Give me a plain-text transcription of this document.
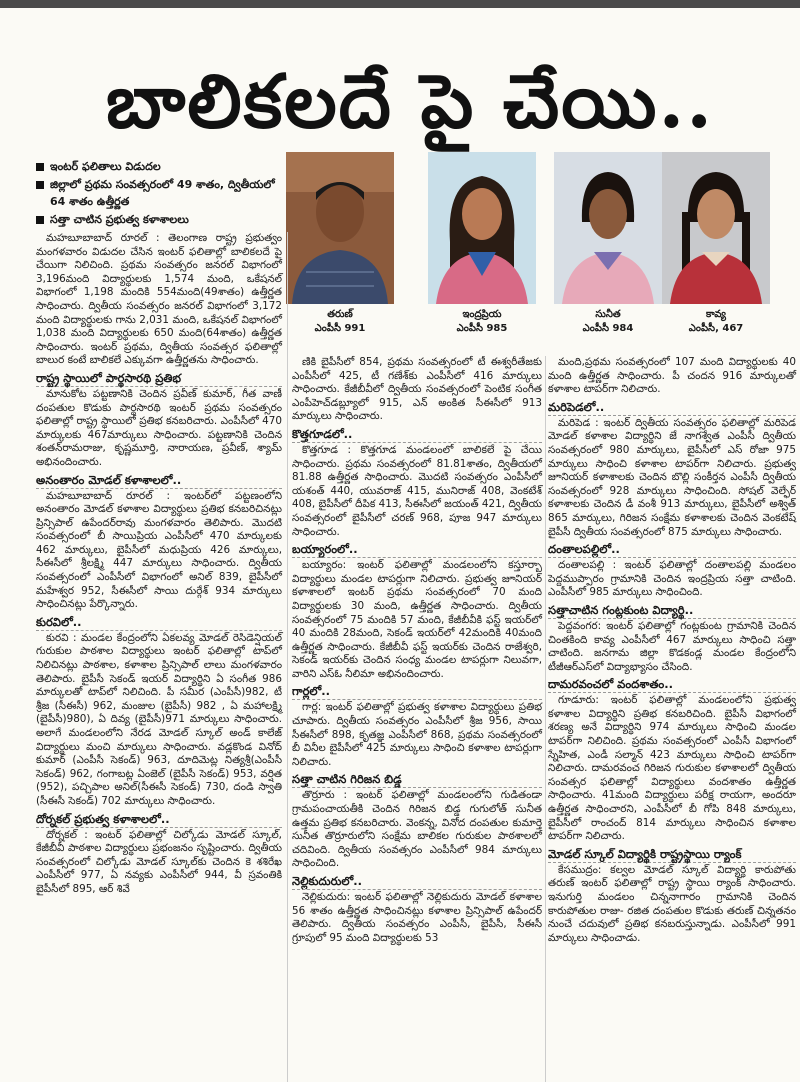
బాలికలదే పై చేయి..
ఇంటర్ ఫలితాలు విడుదల
జిల్లాలో ప్రథమ సంవత్సరంలో 49 శాతం, ద్వితీయలో 64 శాతం ఉత్తీర్ణత
సత్తా చాటిన ప్రభుత్వ కళాశాలలు
తరుణ్
ఎంపీసీ 991
ఇంద్రప్రియ
ఎంపీసీ 985
సునీత
ఎంపీసీ 984
కావ్య
ఎంపీసీ, 467

మహబూబాబాద్ రూరల్ : తెలంగాణ రాష్ట్ర ప్రభుత్వం మంగళవారం విడుదల చేసిన ఇంటర్ ఫలితాల్లో బాలికలదే పై చేయిగా నిలిచింది. ప్రథమ సంవత్సరం జనరల్ విభాగంలో 3,196మంది విద్యార్థులకు 1,574 మంది, ఒకేషనల్ విభాగంలో 1,198 మందికి 554మంది(49శాతం) ఉత్తీర్ణత సాధించారు. ద్వితీయ సంవత్సరం జనరల్ విభాగంలో 3,172 మంది విద్యార్థులకు గాను 2,031 మంది, ఒకేషనల్ విభాగంలో 1,038 మంది విద్యార్థులకు 650 మంది(64శాతం) ఉత్తీర్ణత సాధించారు. ఇంటర్ ప్రథమ, ద్వితీయ సంవత్సర ఫలితాల్లో బాలుర కంటే బాలికలే ఎక్కువగా ఉత్తీర్ణతను సాధించారు.

రాష్ట్ర స్థాయిలో పార్థసారథి ప్రతిభ

మానుకోట పట్టణానికి చెందిన ప్రవీణ్ కుమార్, గీత వాణీ దంపతుల కొడుకు పార్థసారథి ఇంటర్ ప్రథమ సంవత్సరం ఫలితాల్లో రాష్ట్ర స్థాయిలో ప్రతిభ కనబరిచారు. ఎంపీసీలో 470 మార్కులకు 467మార్కులు సాధించారు. పట్టణానికి చెందిన శంతన్‌రామరాజు, కృష్ణమూర్తి, నారాయణ, ప్రవీణ్, శ్యామ్ అభినందించారు.

అనంతారం మోడల్ కళాశాలలో..

మహబూబాబాద్ రూరల్ : ఇంటర్‌లో పట్టణంలోని అనంతారం మోడల్ కళాశాల విద్యార్థులు ప్రతిభ కనబరిచినట్లు ప్రిన్సిపాల్ ఉపేందర్‌రావు మంగళవారం తెలిపారు. మొదటి సంవత్సరంలో బీ సాయిప్రియ ఎంపీసీలో 470 మార్కులకు 462 మార్కులు, బైపీసీలో మధుప్రియ 426 మార్కులు, సీఈసీలో శ్రీలక్ష్మి 447 మార్కులు సాధించారు. ద్వితీయ సంవత్సరంలో ఎంపీసీలో విభాగంలో అనిల్ 839, బైపీసీలో మహేశ్వర 952, సీఈసీలో సాయి దుర్గేశ్ 934 మార్కులు సాధించినట్లు పేర్కొన్నారు.

కురవిలో..

కురవి : మండల కేంద్రంలోని ఏకలవ్య మోడల్ రెసిడెన్షియల్ గురుకుల పాఠశాల విద్యార్థులు ఇంటర్ ఫలితాల్లో టాప్‌లో నిలిచినట్లు పాఠశాల, కళాశాల ప్రిన్సిపాల్ లాలు మంగళవారం తెలిపారు. బైపీసీ సెకండ్ ఇయర్ విద్యార్థిని ఏ సంగీత 986 మార్కులతో టాప్‌లో నిలిచింది. పీ సమీర (ఎంపీసీ)982, టీ శ్రీజ (సీఈసీ) 962, మంజుల (బైపీసీ) 982 , ఏ మహాలక్ష్మి (బైపీసీ)980), ఏ దివ్య (బైపీసీ)971 మార్కులు సాధించారు. అలాగే మండలంలోని నేరడ మోడల్ స్కూల్ అండ్ కాలేజ్ విద్యార్థులు మంచి మార్కులు సాధించారు. వడ్లకొండ వినోద్ కుమార్ (ఎంపీసీ సెకండ్) 963, దూదిమెట్ల నిత్యశ్రీ(ఎంపీసీ సెకండ్) 962, గంగాబట్ల ఏంజెల్ (బైపీసీ సెకండ్) 953, వర్షిత (952), పచ్చిపాల అనిల్(సీఈసీ సెకండ్) 730, దండి స్వాతి (సీఈసీ సెకండ్) 702 మార్కులు సాధించారు.

దోర్నకల్ ప్రభుత్వ కళాశాలలో..

దోర్నకల్ : ఇంటర్ ఫలితాల్లో చిల్కోడు మోడల్ స్కూల్, కేజీబీవీ పాఠశాల విద్యార్థులు ప్రభంజనం సృష్టించారు. ద్వితీయ సంవత్సరంలో చిల్కోడు మోడల్ స్కూల్‌కు చెందిన కె శశిరేఖ ఎంపీసీలో 977, ఏ నవ్యకు ఎంపీసీలో 944, వీ స్రవంతికి బైపీసీలో 895, ఆర్ శివే

ణికి బైపీసీలో 854, ప్రథమ సంవత్సరంలో టీ ఈశ్వరీతేజకు ఎంపీసీలో 425, టీ గణేశ్‌కు ఎంపీసీలో 416 మార్కులు సాధించారు. కేజీబీవీలో ద్వితీయ సంవత్సరంలో పెంటిక సంగీత ఎంపీహెచ్‌డబ్ల్యూలో 915, ఎన్ అంకిత సీఈసీలో 913 మార్కులు సాధించారు.

కొత్తగూడలో..

కొత్తగూడ : కొత్తగూడ మండలంలో బాలికలే పై చేయి సాధించారు. ప్రథమ సంవత్సరంలో 81.81శాతం, ద్వితీయలో 81.88 ఉత్తీర్ణత సాధించారు. మొదటి సంవత్సరం ఎంపీసీలో యశంత్ 440, యువరాజ్ 415, మునిరాజ్ 408, వెంకటేశ్ 408, బైపీసీలో దీపిక 413, సీఈసీలో జయంత్ 421, ద్వితీయ సంవత్సరంలో బైపీసీలో చరణ్ 968, పూజ 947 మార్కులు సాధించారు.

బయ్యారంలో..

బయ్యారం: ఇంటర్ ఫలితాల్లో మండలంలోని కస్తూర్బా విద్యార్థులు మండల టాపర్లుగా నిలిచారు. ప్రభుత్వ జూనియర్ కళాశాలలో ఇంటర్ ప్రథమ సంవత్సరంలో 70 మంది విద్యార్థులకు 30 మంది, ఉత్తీర్ణత సాధించారు. ద్వితీయ సంవత్సరంలో 75 మందికి 57 మంది, కేజీబీవీకి ఫస్ట్ ఇయర్‌లో 40 మందికి 28మంది, సెకండ్ ఇయర్‌లో 42మందికి 40మంది ఉత్తీర్ణత సాధించారు. కేజీబీవీ ఫస్ట్ ఇయర్‌కు చెందిన రాజేశ్వరి, సెకండ్ ఇయర్‌కు చెందిన సంధ్య మండల టాపర్లుగా నిలువగా, వారిని ఎస్‌ఓ నీలిమా అభినందించారు.

గార్లలో..

గార్ల: ఇంటర్ ఫలితాల్లో ప్రభుత్వ కళాశాల విద్యార్థులు ప్రతిభ చూపారు. ద్వితీయ సంవత్సరం ఎంపీసీలో శ్రీజ 956, సాయి సీఈసీలో 898, కృతజ్ఞ ఎంపీసీలో 868, ప్రథమ సంవత్సరంలో బీ వినీల బైపీసీలో 425 మార్కులు సాధించి కళాశాల టాపర్లుగా నిలిచారు.

సత్తా చాటిన గిరిజన బిడ్డ

తొర్రూరు : ఇంటర్ ఫలితాల్లో మండలంలోని గుడితండా గ్రామపంచాయతీకి చెందిన గిరిజన బిడ్డ గుగులోత్ సునీత ఉత్తమ ప్రతిభ కనబరిచారు. వెంకన్న, వినోద దంపతుల కుమార్తె సునీత తొర్రూరులోని సంక్షేమ బాలికల గురుకుల పాఠశాలలో చదివింది. ద్వితీయ సంవత్సరం ఎంపీసీలో 984 మార్కులు సాధించింది.

నెల్లికుదురులో..

నెల్లికుదురు: ఇంటర్ ఫలితాల్లో నెల్లికుదురు మోడల్ కళాశాల 56 శాతం ఉత్తీర్ణత సాధించినట్లు కళాశాల ప్రిన్సిపాల్ ఉపేందర్ తెలిపారు. ద్వితీయ సంవత్సరం ఎంపీసీ, బైపీసీ, సీఈసీ గ్రూపులో 95 మంది విద్యార్థులకు 53

మంది,ప్రథమ సంవత్సరంలో 107 మంది విద్యార్థులకు 40 మంది ఉత్తీర్ణత సాధించారు. పీ చందన 916 మార్కులతో కళాశాల టాపర్‌గా నిలిచారు.

మరిపెడలో..

మరిపెడ : ఇంటర్ ద్వితీయ సంవత్సరం ఫలితాల్లో మరిపెడ మోడల్ కళాశాల విద్యార్థిని జే నాగశ్వేత ఎంపీసీ ద్వితీయ సంవత్సరంలో 980 మార్కులు, బైపీసీలో ఎస్ రోజా 975 మార్కులు సాధించి కళాశాల టాపర్‌గా నిలిచారు. ప్రభుత్వ జూనియర్ కళాశాలకు చెందిన బొల్లి సంకీర్తన ఎంపీసీ ద్వితీయ సంవత్సరంలో 928 మార్కులు సాధించింది. సోషల్ వెల్ఫేర్ కళాశాలకు చెందిన డీ వంశీ 913 మార్కులు, బైపీసీలో అశ్విత్ 865 మార్కులు, గిరిజన సంక్షేమ కళాశాలకు చెందిన వెంకటేష్ బైపీసీ ద్వితీయ సంవత్సరంలో 875 మార్కులు సాధించారు.

దంతాలపల్లిలో..

దంతాలపల్లి : ఇంటర్ ఫలితాల్లో దంతాలపల్లి మండలం పెద్దముప్పారం గ్రామానికి చెందిన ఇంద్రప్రియ సత్తా చాటింది. ఎంపీసీలో 985 మార్కులు సాధించింది.

సత్తాచాటిన గంట్లకుంట విద్యార్థి..

పెద్దవంగర: ఇంటర్ ఫలితాల్లో గంట్లకుంట గ్రామానికి చెందిన చింతకింది కావ్య ఎంపీసీలో 467 మార్కులు సాధించి సత్తా చాటింది. జనగామ జిల్లా కొడకండ్ల మండల కేంద్రంలోని టీజీఆర్‌ఎస్‌లో విద్యాభ్యాసం చేసింది.

దామరవంచలో వందశాతం..

గూడూరు: ఇంటర్ ఫలితాల్లో మండలంలోని ప్రభుత్వ కళాశాల విద్యార్థిని ప్రతిభ కనబరిచింది. బైపీసీ విభాగంలో శరణ్య అనే విద్యార్థిని 974 మార్కులు సాధించి మండల టాపర్‌గా నిలిచింది. ప్రథమ సంవత్సరంలో ఎంపీసీ విభాగంలో స్నేహిత, ఎండీ సల్మాన్ 423 మార్కులు సాధించి టాపర్‌గా నిలిచారు. దామరవంచ గిరిజన గురుకుల కళాశాలలో ద్వితీయ సంవత్సర ఫలితాల్లో విద్యార్థులు వందశాతం ఉత్తీర్ణత సాధించారు. 41మంది విద్యార్థులు పరీక్ష రాయగా, అందరూ ఉత్తీర్ణత సాధించారని, ఎంపీసీలో బీ గోపి 848 మార్కులు, బైపీసీలో రాంచంద్ 814 మార్కులు సాధించిన కళాశాల టాపర్‌గా నిలిచారు.

మోడల్ స్కూల్ విద్యార్థికి రాష్ట్రస్థాయి ర్యాంక్

కేసముద్రం: కల్వల మోడల్ స్కూల్ విద్యార్థి కారుపోతు తరుణ్ ఇంటర్ ఫలితాల్లో రాష్ట్ర స్థాయి ర్యాంక్ సాధించారు. ఇనుగుర్తి మండలం చిన్ననాగారం గ్రామానికి చెందిన కారుపోతుల రాజు- రజిత దంపతుల కొడుకు తరుణ్ చిన్నతనం నుంచే చదువులో ప్రతిభ కనబరుస్తున్నాడు. ఎంపీసీలో 991 మార్కులు సాధించాడు.
